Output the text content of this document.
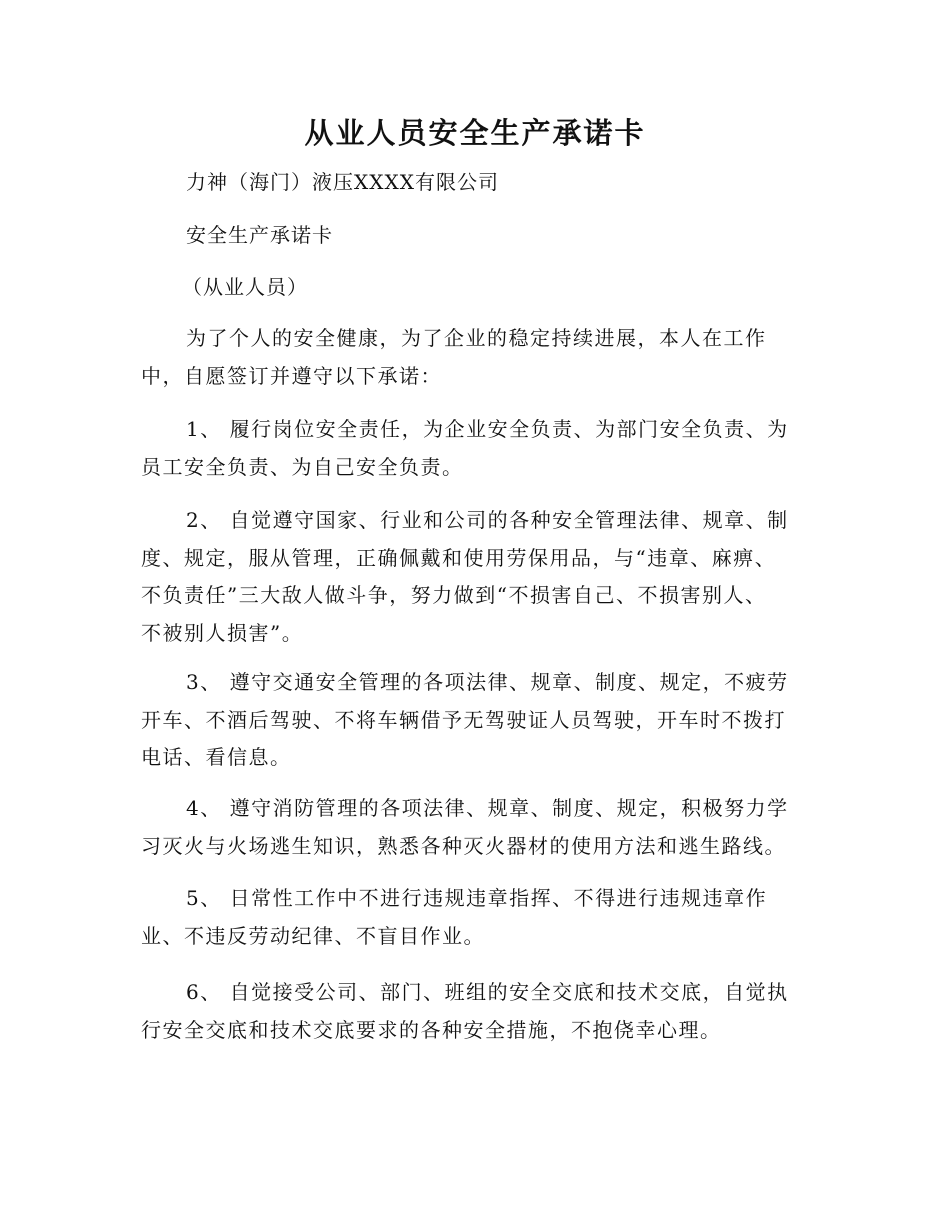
从业人员安全生产承诺卡

力神（海门）液压XXXX有限公司

安全生产承诺卡

（从业人员）

为了个人的安全健康，为了企业的稳定持续进展，本人在工作
中，自愿签订并遵守以下承诺：
1、 履行岗位安全责任，为企业安全负责、为部门安全负责、为
员工安全负责、为自己安全负责。
2、 自觉遵守国家、行业和公司的各种安全管理法律、规章、制
度、规定，服从管理，正确佩戴和使用劳保用品，与“违章、麻痹、
不负责任”三大敌人做斗争，努力做到“不损害自己、不损害别人、
不被别人损害”。
3、 遵守交通安全管理的各项法律、规章、制度、规定，不疲劳
开车、不酒后驾驶、不将车辆借予无驾驶证人员驾驶，开车时不拨打
电话、看信息。
4、 遵守消防管理的各项法律、规章、制度、规定，积极努力学
习灭火与火场逃生知识，熟悉各种灭火器材的使用方法和逃生路线。
5、 日常性工作中不进行违规违章指挥、不得进行违规违章作
业、不违反劳动纪律、不盲目作业。
6、 自觉接受公司、部门、班组的安全交底和技术交底，自觉执
行安全交底和技术交底要求的各种安全措施，不抱侥幸心理。
